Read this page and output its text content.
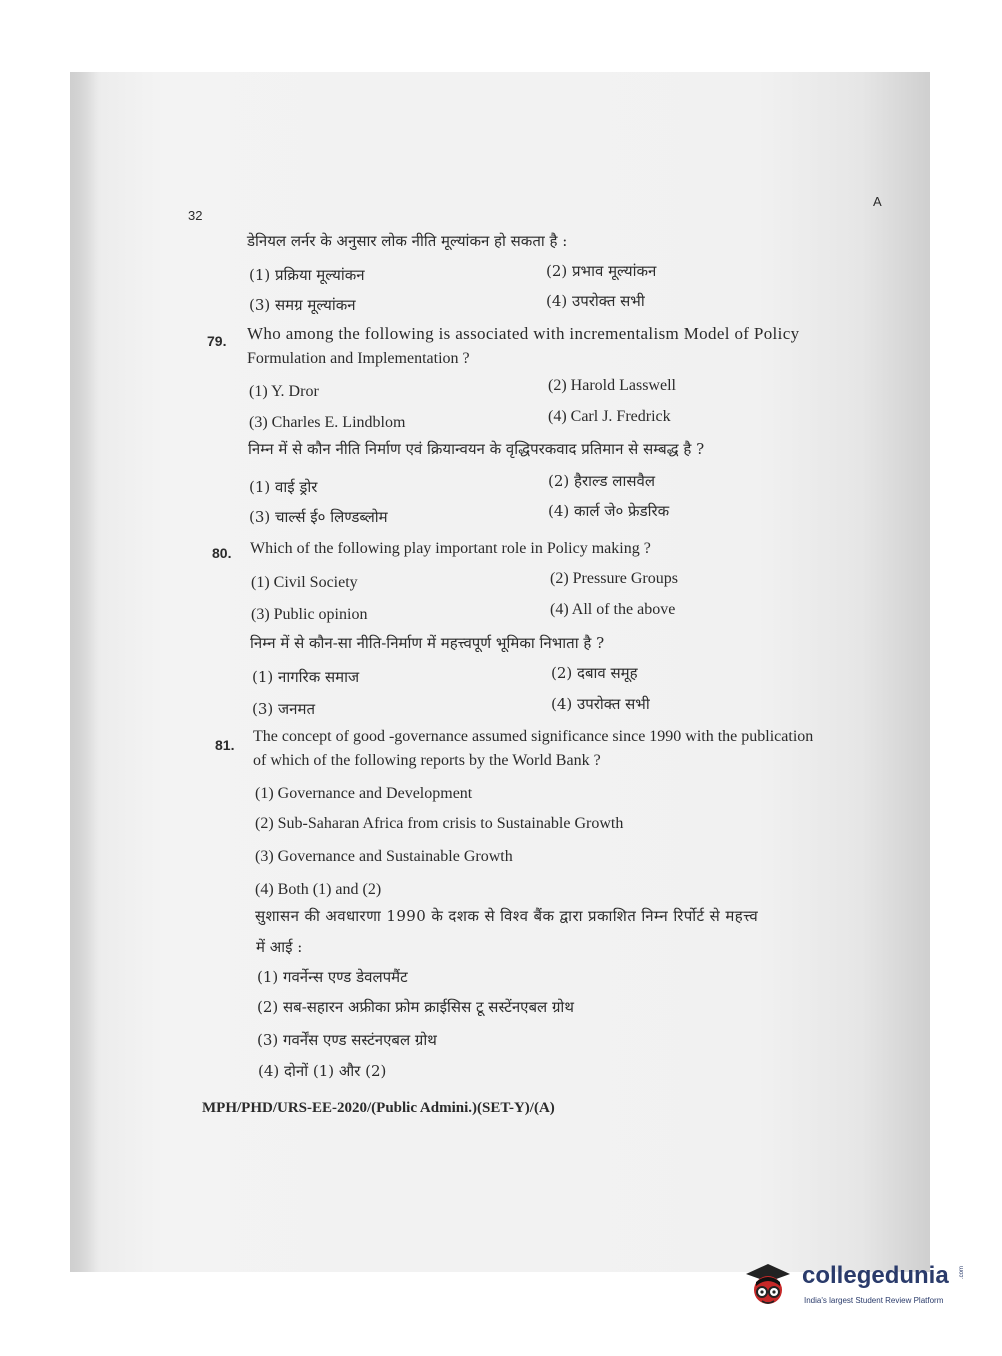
32
A
डेनियल लर्नर के अनुसार लोक नीति मूल्यांकन हो सकता है :
(1) प्रक्रिया मूल्यांकन	(2) प्रभाव मूल्यांकन
(3) समग्र मूल्यांकन	(4) उपरोक्त सभी
79. Who among the following is associated with incrementalism Model of Policy
Formulation and Implementation ?
(1) Y. Dror	(2) Harold Lasswell
(3) Charles E. Lindblom	(4) Carl J. Fredrick
निम्न में से कौन नीति निर्माण एवं क्रियान्वयन के वृद्धिपरकवाद प्रतिमान से सम्बद्ध है ?
(1) वाई ड्रोर	(2) हैराल्ड लासवैल
(3) चार्ल्स ई० लिण्डब्लोम	(4) कार्ल जे० फ्रेडरिक
80. Which of the following play important role in Policy making ?
(1) Civil Society	(2) Pressure Groups
(3) Public opinion	(4) All of the above
निम्न में से कौन-सा नीति-निर्माण में महत्त्वपूर्ण भूमिका निभाता है ?
(1) नागरिक समाज	(2) दबाव समूह
(3) जनमत	(4) उपरोक्त सभी
81. The concept of good -governance assumed significance since 1990 with the publication
of which of the following reports by the World Bank ?
(1) Governance and Development
(2) Sub-Saharan Africa from crisis to Sustainable Growth
(3) Governance and Sustainable Growth
(4) Both (1) and (2)
सुशासन की अवधारणा 1990 के दशक से विश्व बैंक द्वारा प्रकाशित निम्न रिर्पोर्ट से महत्त्व
में आई :
(1) गवर्नेन्स एण्ड डेवलपमैंट
(2) सब-सहारन अफ्रीका फ्रोम क्राईसिस टू सस्टेंनएबल ग्रोथ
(3) गवर्नेंस एण्ड सस्टंनएबल ग्रोथ
(4) दोनों (1) और (2)
MPH/PHD/URS-EE-2020/(Public Admini.)(SET-Y)/(A)
collegedunia .com
India's largest Student Review Platform
